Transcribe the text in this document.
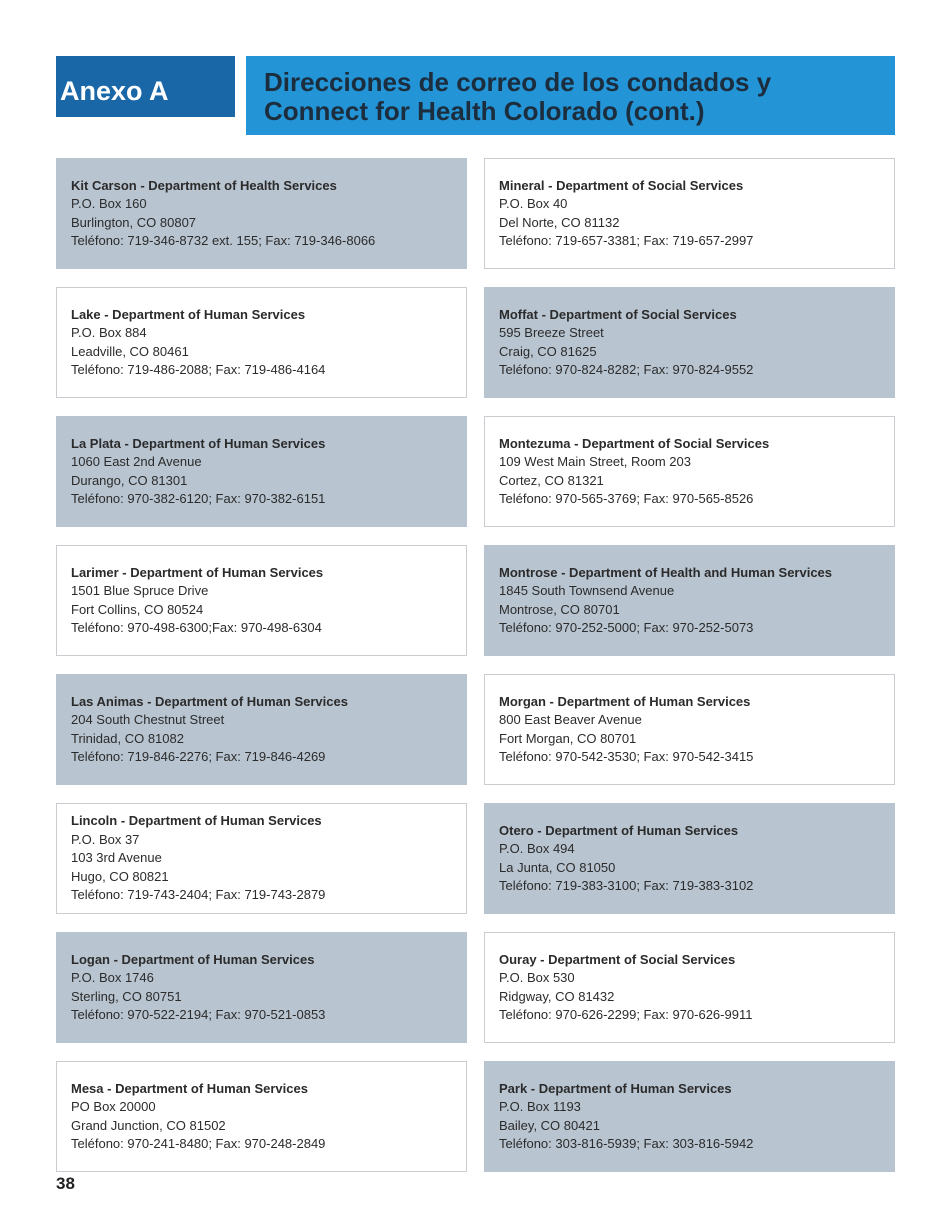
Anexo A	Direcciones de correo de los condados y
Connect for Health Colorado (cont.)
Kit Carson - Department of Health Services
P.O. Box 160
Burlington, CO 80807
Teléfono: 719-346-8732 ext. 155; Fax: 719-346-8066
Mineral - Department of Social Services
P.O. Box 40
Del Norte, CO 81132
Teléfono: 719-657-3381; Fax: 719-657-2997
Lake - Department of Human Services
P.O. Box 884
Leadville, CO 80461
Teléfono: 719-486-2088; Fax: 719-486-4164
Moffat - Department of Social Services
595 Breeze Street
Craig, CO 81625
Teléfono: 970-824-8282; Fax: 970-824-9552
La Plata - Department of Human Services
1060 East 2nd Avenue
Durango, CO 81301
Teléfono: 970-382-6120; Fax: 970-382-6151
Montezuma - Department of Social Services
109 West Main Street, Room 203
Cortez, CO 81321
Teléfono: 970-565-3769; Fax: 970-565-8526
Larimer - Department of Human Services
1501 Blue Spruce Drive
Fort Collins, CO 80524
Teléfono: 970-498-6300;Fax: 970-498-6304
Montrose - Department of Health and Human Services
1845 South Townsend Avenue
Montrose, CO 80701
Teléfono: 970-252-5000; Fax: 970-252-5073
Las Animas - Department of Human Services
204 South Chestnut Street
Trinidad, CO 81082
Teléfono: 719-846-2276; Fax: 719-846-4269
Morgan - Department of Human Services
800 East Beaver Avenue
Fort Morgan, CO 80701
Teléfono: 970-542-3530; Fax: 970-542-3415
Lincoln - Department of Human Services
P.O. Box 37
103 3rd Avenue
Hugo, CO 80821
Teléfono: 719-743-2404; Fax: 719-743-2879
Otero - Department of Human Services
P.O. Box 494
La Junta, CO 81050
Teléfono: 719-383-3100; Fax: 719-383-3102
Logan - Department of Human Services
P.O. Box 1746
Sterling, CO 80751
Teléfono: 970-522-2194; Fax: 970-521-0853
Ouray - Department of Social Services
P.O. Box 530
Ridgway, CO 81432
Teléfono: 970-626-2299; Fax: 970-626-9911
Mesa - Department of Human Services
PO Box 20000
Grand Junction, CO 81502
Teléfono: 970-241-8480; Fax: 970-248-2849
Park - Department of Human Services
P.O. Box 1193
Bailey, CO 80421
Teléfono: 303-816-5939; Fax: 303-816-5942
38
